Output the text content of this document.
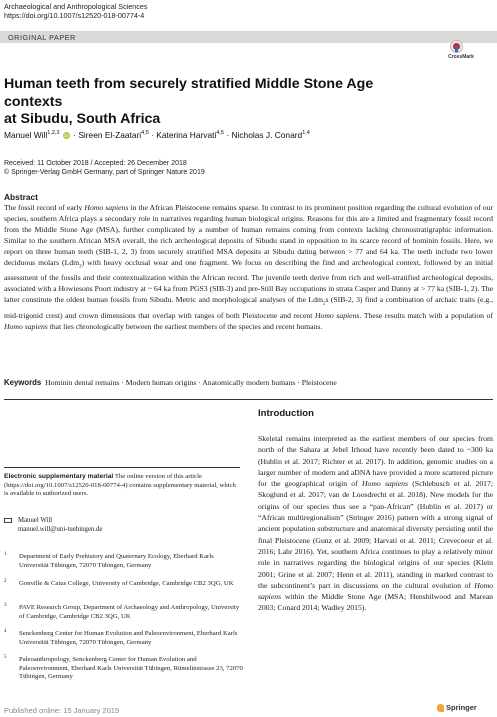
Archaeological and Anthropological Sciences
https://doi.org/10.1007/s12520-018-00774-4
ORIGINAL PAPER
CrossMark
Human teeth from securely stratified Middle Stone Age contexts
at Sibudu, South Africa
Manuel Will$^{1,2,3}$ iD · Sireen El-Zaatari$^{4,5}$ · Katerina Harvati$^{4,5}$ · Nicholas J. Conard$^{1,4}$
Received: 11 October 2018 / Accepted: 26 December 2018
© Springer-Verlag GmbH Germany, part of Springer Nature 2019
Abstract
The fossil record of early Homo sapiens in the African Pleistocene remains sparse. In contrast to its prominent position regarding the cultural evolution of our species, southern Africa plays a secondary role in narratives regarding human biological origins. Reasons for this are a limited and fragmentary fossil record from the Middle Stone Age (MSA), further complicated by a number of human remains coming from contexts lacking chronostratigraphic information. Similar to the southern African MSA overall, the rich archeological deposits of Sibudu stand in opposition to its scarce record of hominin fossils. Here, we report on three human teeth (SIB-1, 2, 3) from securely stratified MSA deposits at Sibudu dating between > 77 and 64 ka. The teeth include two lower deciduous molars (Ldm$_2$) with heavy occlusal wear and one fragment. We focus on describing the find and archeological context, followed by an initial assessment of the fossils and their contextualization within the African record. The juvenile teeth derive from rich and well-stratified archeological deposits, associated with a Howiesons Poort industry at ~ 64 ka from PGS3 (SIB-3) and pre-Still Bay occupations in strata Casper and Danny at > 77 ka (SIB-1, 2). The latter constitute the oldest human fossils from Sibudu. Metric and morphological analyses of the Ldm$_2$s (SIB-2, 3) find a combination of archaic traits (e.g., mid-trigonid crest) and crown dimensions that overlap with ranges of both Pleistocene and recent Homo sapiens. These results match with a population of Homo sapiens that lies chronologically between the earliest members of the species and recent humans.
Keywords Hominin dental remains · Modern human origins · Anatomically modern humans · Pleistocene
Introduction
Skeletal remains interpreted as the earliest members of our species from north of the Sahara at Jebel Irhoud have recently been dated to ~300 ka (Hublin et al. 2017; Richter et al. 2017). In addition, genomic studies on a larger number of modern and aDNA have provided a more scattered picture for the geographical origin of Homo sapiens (Schlebusch et al. 2017; Skoglund et al. 2017; van de Loosdrecht et al. 2018). New models for the origins of our species thus see a “pan-African” (Hublin et al. 2017) or “African multiregionalism” (Stringer 2016) pattern with a strong signal of ancient population substructure and anatomical diversity persisting until the final Pleistocene (Gunz et al. 2009; Harvati et al. 2011; Crevecoeur et al. 2016; Lahr 2016). Yet, southern Africa continues to play a relatively minor role in narratives regarding the biological origins of our species (Klein 2001; Grine et al. 2007; Henn et al. 2011), standing in marked contrast to the subcontinent’s part in discussions on the cultural evolution of Homo sapiens within the Middle Stone Age (MSA; Henshilwood and Marean 2003; Conard 2014; Wadley 2015).
Electronic supplementary material The online version of this article (https://doi.org/10.1007/s12520-018-00774-4) contains supplementary material, which is available to authorized users.
Manuel Will
manuel.will@uni-tuebingen.de
1 Department of Early Prehistory and Quaternary Ecology, Eberhard Karls Universität Tübingen, 72070 Tübingen, Germany
2 Gonville & Caius College, University of Cambridge, Cambridge CB2 3QG, UK
3 PAVE Research Group, Department of Archaeology and Anthropology, University of Cambridge, Cambridge CB2 3QG, UK
4 Senckenberg Center for Human Evolution and Paleoenvironment, Eberhard Karls Universität Tübingen, 72070 Tübingen, Germany
5 Paleoanthropology, Senckenberg Center for Human Evolution and Paleoenvironment, Eberhard Karls Universität Tübingen, Rümelinstrasse 23, 72070 Tübingen, Germany
Published online: 15 January 2019	Springer
